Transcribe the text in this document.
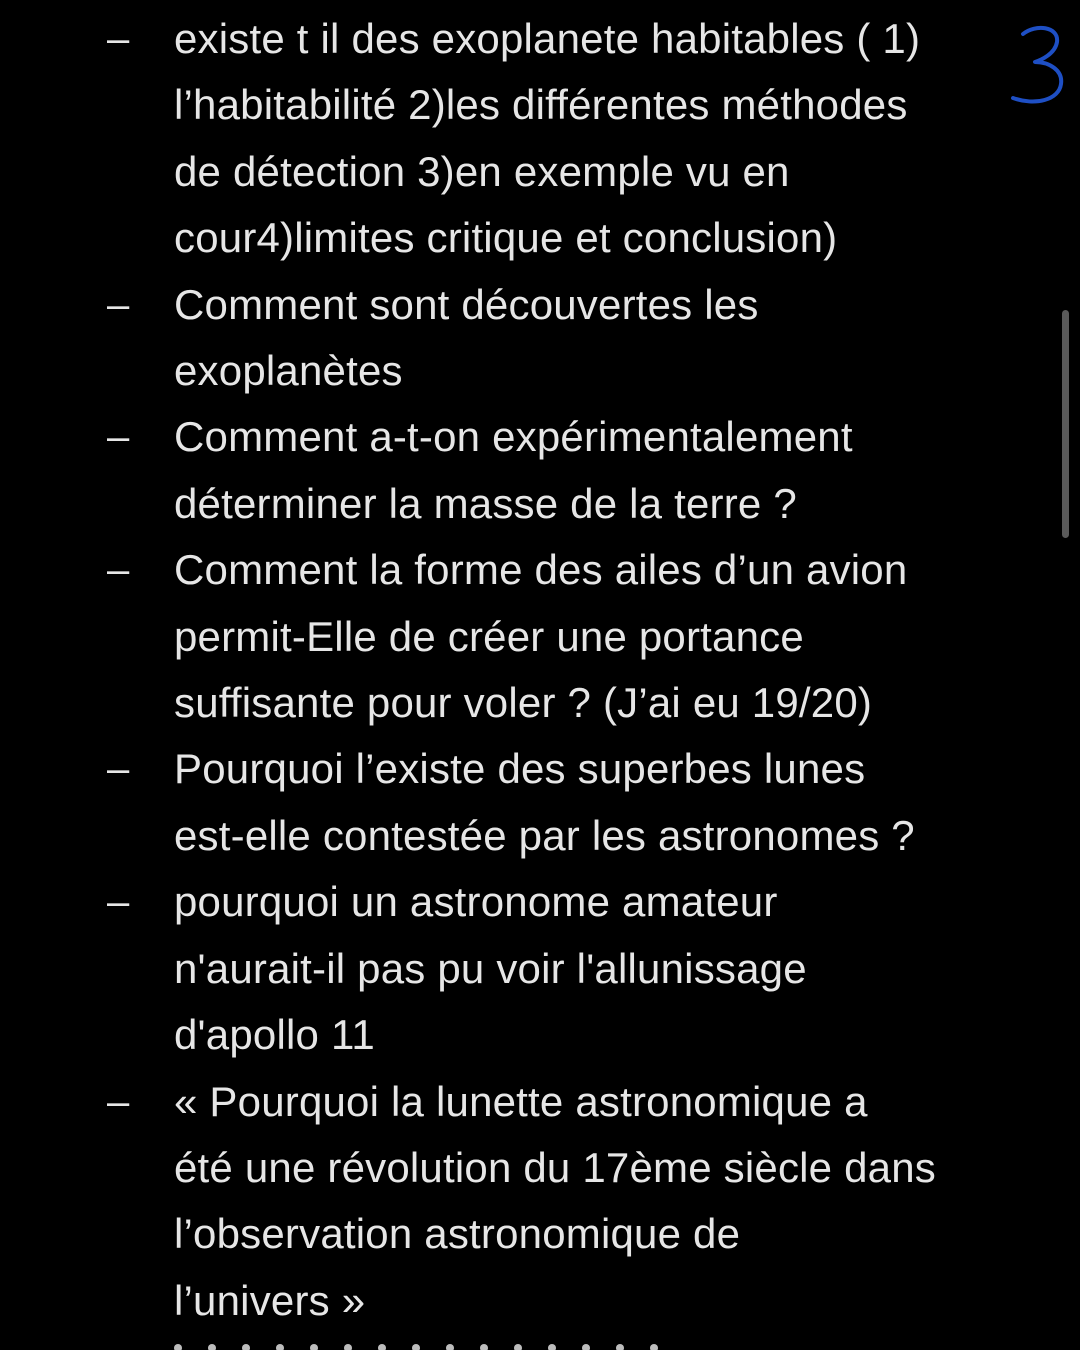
– existe t il des exoplanete habitables ( 1)
l’habitabilité 2)les différentes méthodes
de détection 3)en exemple vu en
cour4)limites critique et conclusion)
– Comment sont découvertes les
exoplanètes
– Comment a-t-on expérimentalement
déterminer la masse de la terre ?
– Comment la forme des ailes d’un avion
permit-Elle de créer une portance
suffisante pour voler ? (J’ai eu 19/20)
– Pourquoi l’existe des superbes lunes
est-elle contestée par les astronomes ?
– pourquoi un astronome amateur
n'aurait-il pas pu voir l'allunissage
d'apollo 11
– « Pourquoi la lunette astronomique a
été une révolution du 17ème siècle dans
l’observation astronomique de
l’univers »
